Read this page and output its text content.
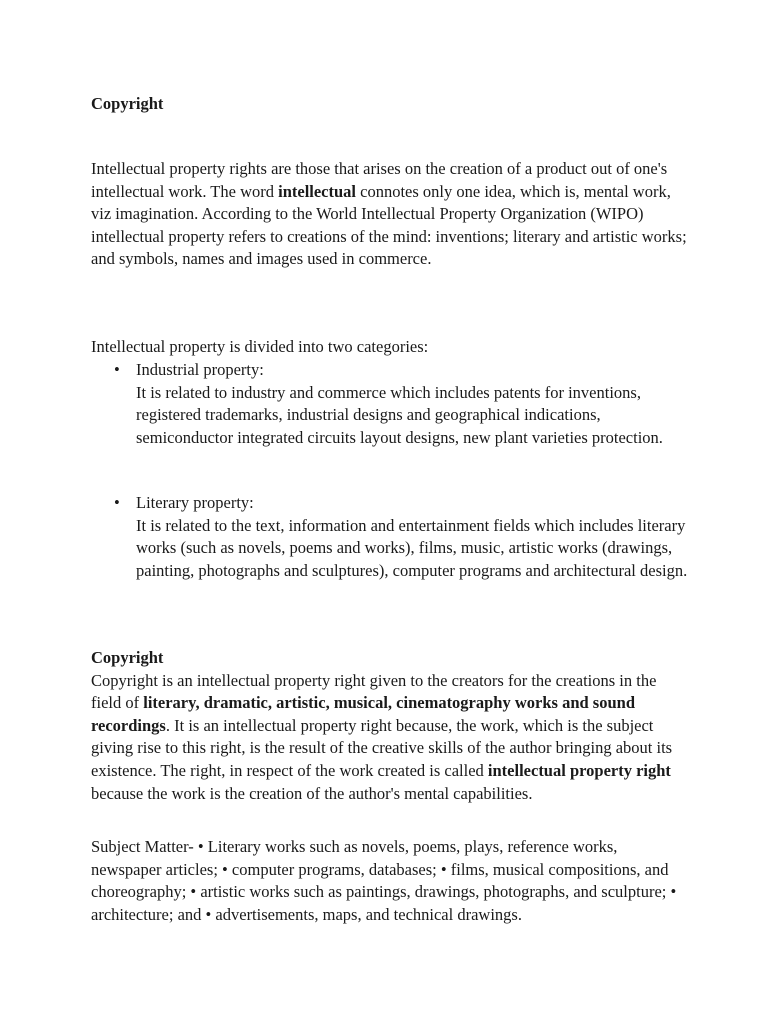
Copyright

Intellectual property rights are those that arises on the creation of a product out of one's intellectual work. The word intellectual connotes only one idea, which is, mental work, viz imagination. According to the World Intellectual Property Organization (WIPO) intellectual property refers to creations of the mind: inventions; literary and artistic works; and symbols, names and images used in commerce.

Intellectual property is divided into two categories:

• Industrial property:
It is related to industry and commerce which includes patents for inventions, registered trademarks, industrial designs and geographical indications, semiconductor integrated circuits layout designs, new plant varieties protection.
• Literary property:
It is related to the text, information and entertainment fields which includes literary works (such as novels, poems and works), films, music, artistic works (drawings, painting, photographs and sculptures), computer programs and architectural design.

Copyright
Copyright is an intellectual property right given to the creators for the creations in the field of literary, dramatic, artistic, musical, cinematography works and sound recordings. It is an intellectual property right because, the work, which is the subject giving rise to this right, is the result of the creative skills of the author bringing about its existence. The right, in respect of the work created is called intellectual property right because the work is the creation of the author's mental capabilities.

Subject Matter- • Literary works such as novels, poems, plays, reference works, newspaper articles; • computer programs, databases; • films, musical compositions, and choreography; • artistic works such as paintings, drawings, photographs, and sculpture; • architecture; and • advertisements, maps, and technical drawings.
